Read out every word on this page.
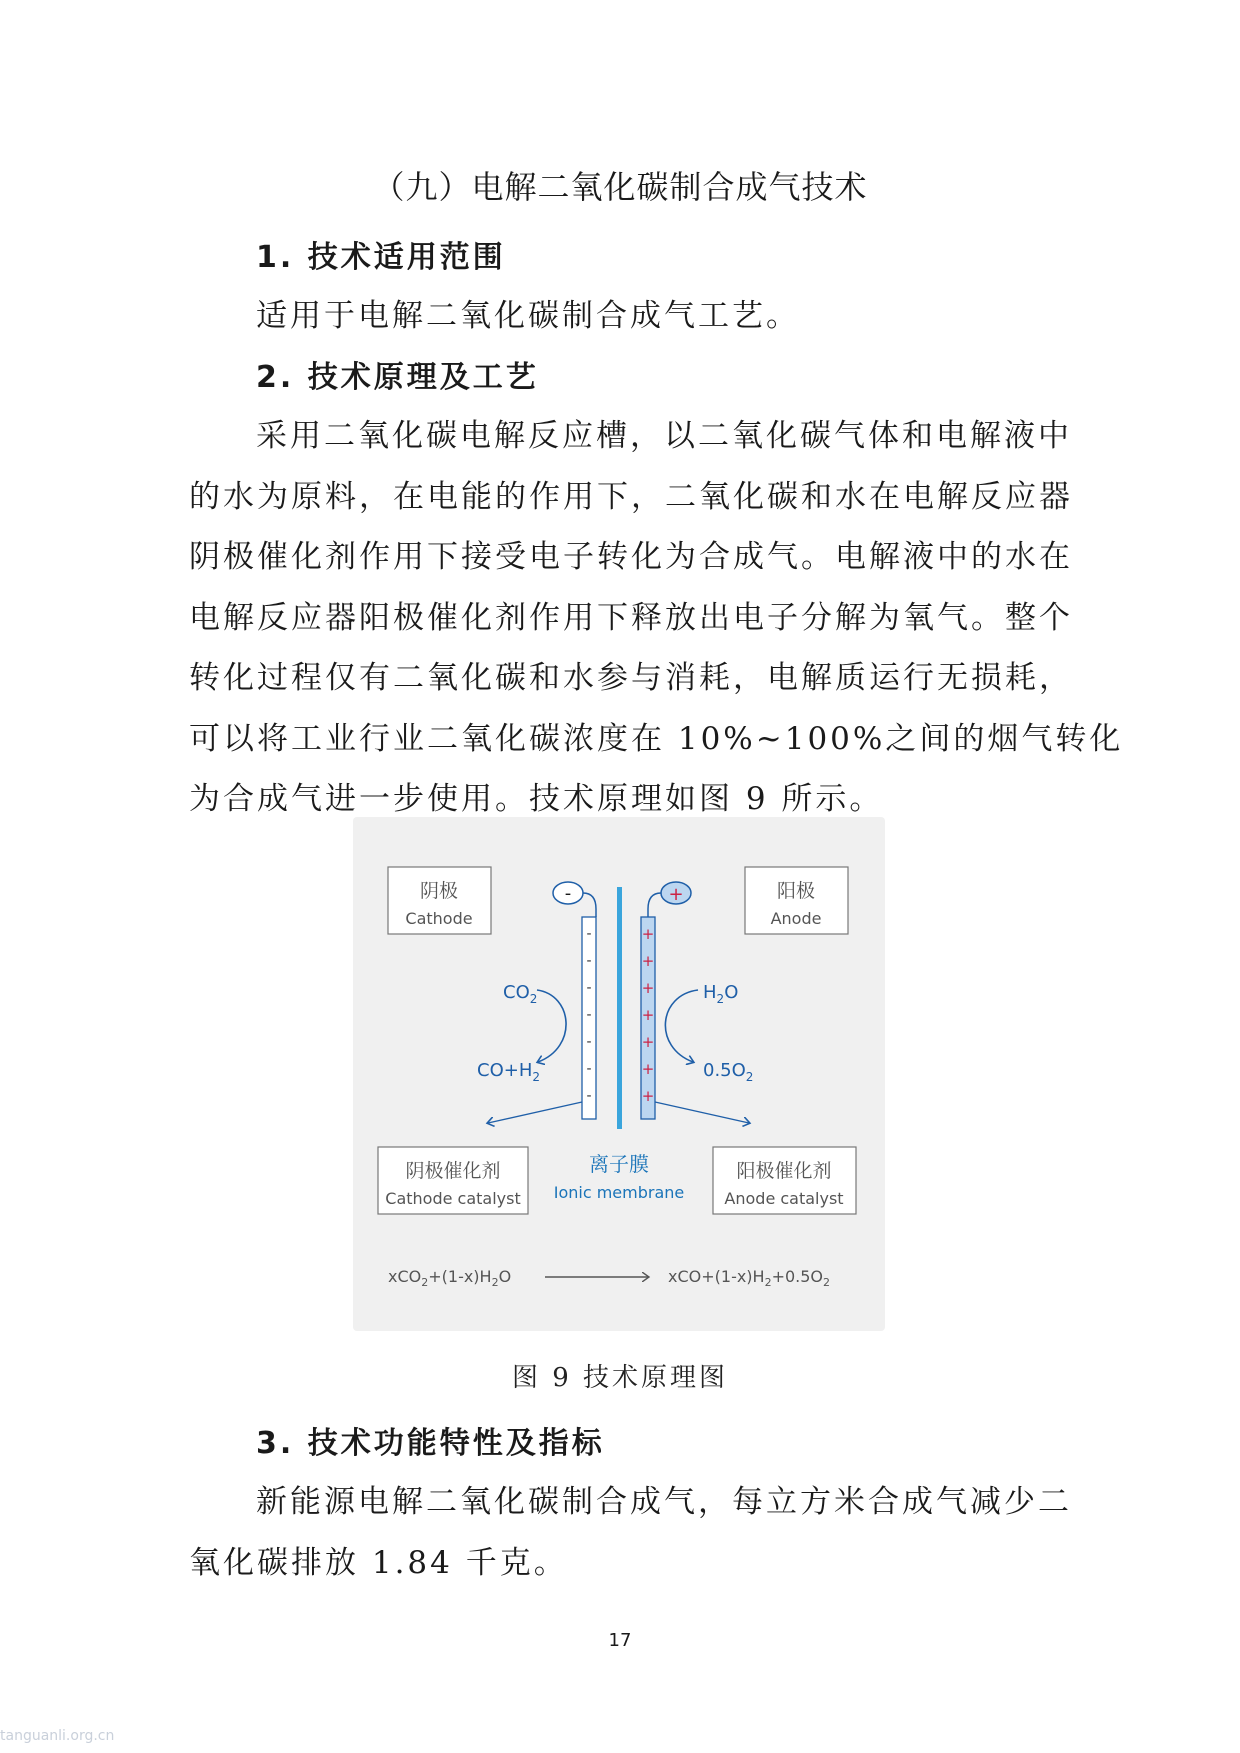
（九）电解二氧化碳制合成气技术
1. 技术适用范围
适用于电解二氧化碳制合成气工艺。
2. 技术原理及工艺
采用二氧化碳电解反应槽，以二氧化碳气体和电解液中
的水为原料，在电能的作用下，二氧化碳和水在电解反应器
阴极催化剂作用下接受电子转化为合成气。电解液中的水在
电解反应器阳极催化剂作用下释放出电子分解为氧气。整个
转化过程仅有二氧化碳和水参与消耗，电解质运行无损耗，
可以将工业行业二氧化碳浓度在 10%~100%之间的烟气转化
为合成气进一步使用。技术原理如图 9 所示。
阴极
Cathode
阳极
Anode
-	+
-
-
-
-
-
-
-
+
+
+
+
+
+
+
$CO_2$
$CO+H_2$
$H_2O$
$0.5O_2$
阴极催化剂
Cathode catalyst
离子膜
Ionic membrane
阳极催化剂
Anode catalyst
$xCO_2+(1-x)H_2O$	$xCO+(1-x)H_2+0.5O_2$
图 9 技术原理图
3. 技术功能特性及指标
新能源电解二氧化碳制合成气，每立方米合成气减少二
氧化碳排放 1.84 千克。
17
tanguanli.org.cn
